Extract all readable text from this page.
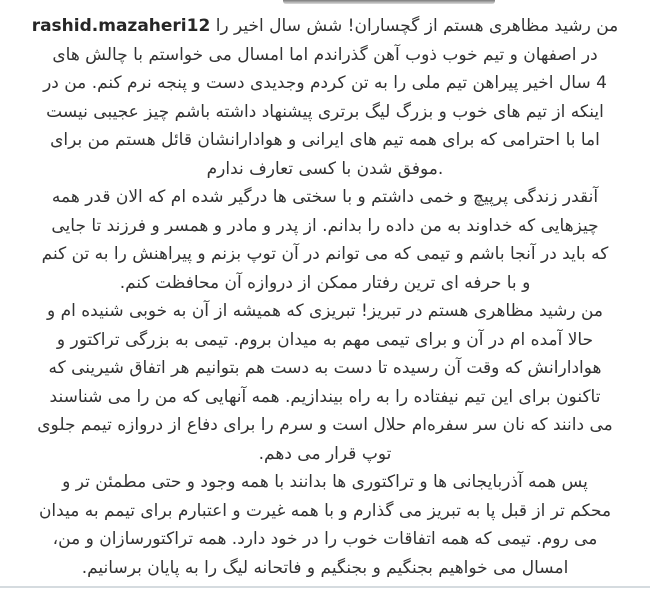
من رشید مظاهری هستم از گچساران! شش سال اخیر را rashid.mazaheri12
در اصفهان و تیم خوب ذوب آهن گذراندم اما امسال می خواستم با چالش های
4 سال اخیر پیراهن تیم ملی را به تن کردم وجدیدی دست و پنجه نرم کنم. من در
اینکه از تیم های خوب و بزرگ لیگ برتری پیشنهاد داشته باشم چیز عجیبی نیست
اما با احترامی که برای همه تیم های ایرانی و هوادارانشان قائل هستم من برای
.موفق شدن با کسی تعارف ندارم
آنقدر زندگی پرپیچ و خمی داشتم و با سختی ها درگیر شده ام که الان قدر همه
چیزهایی که خداوند به من داده را بدانم. از پدر و مادر و همسر و فرزند تا جایی
که باید در آنجا باشم و تیمی که می توانم در آن توپ بزنم و پیراهنش را به تن کنم
و با حرفه ای ترین رفتار ممکن از دروازه آن محافظت کنم.
من رشید مظاهری هستم در تبریز! تبریزی که همیشه از آن به خوبی شنیده ام و
حالا آمده ام در آن و برای تیمی مهم به میدان بروم. تیمی به بزرگی تراکتور و
هوادارانش که وقت آن رسیده تا دست به دست هم بتوانیم هر اتفاق شیرینی که
تاکنون برای این تیم نیفتاده را به راه بیندازیم. همه آنهایی که من را می شناسند
می دانند که نان سر سفره‌ام حلال است و سرم را برای دفاع از دروازه تیمم جلوی
توپ قرار می دهم.
پس همه آذربایجانی ها و تراکتوری ها بدانند با همه وجود و حتی مطمئن تر و
محکم تر از قبل پا به تبریز می گذارم و با همه غیرت و اعتبارم برای تیمم به میدان
می روم. تیمی که همه اتفاقات خوب را در خود دارد. همه تراکتورسازان و من،
امسال می خواهیم بجنگیم و بجنگیم و فاتحانه لیگ را به پایان برسانیم.
